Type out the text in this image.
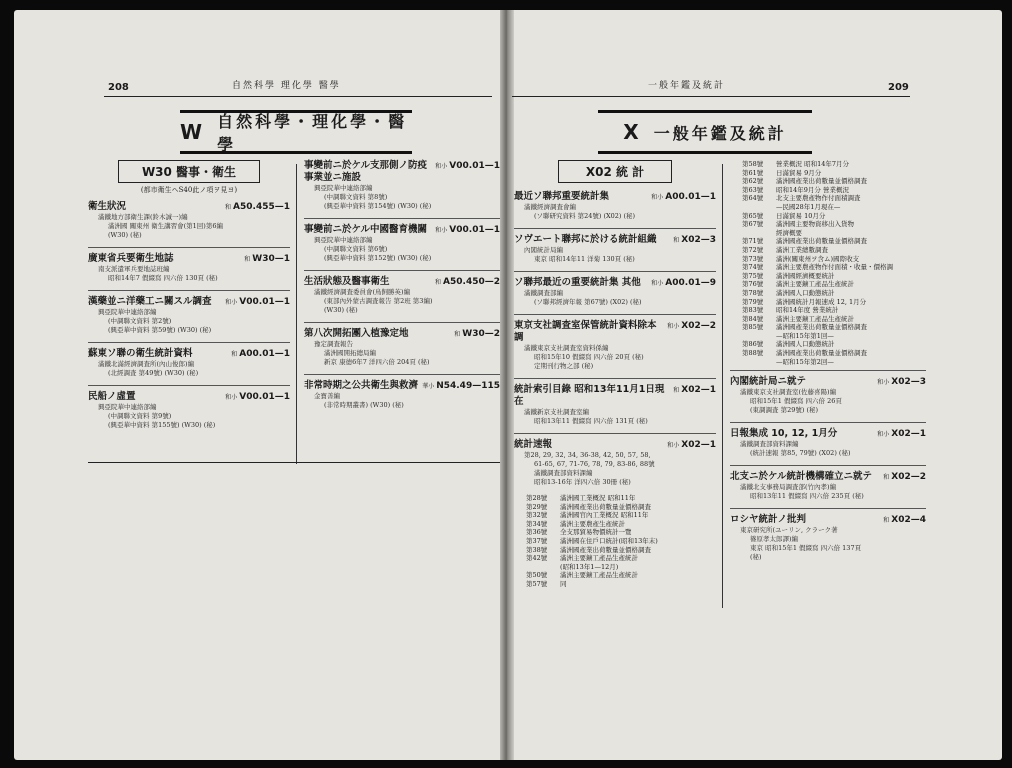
208	自然科學 理化學 醫學
W 自然科學・理化學・醫學
W30 醫事・衛生
(都市衛生ヘS40此ノ項ヲ見ヨ)
衛生狀況	和 A50.455—1
滿鐵地方部衛生課(鈴木誠一)編
滿洲國 關東州 衛生講習會(第1回)第6編
(W30) (秘)
廣東省兵要衛生地誌	和 W30—1
南支派遣軍兵要地誌班編
昭和14年7 假綴寫 四六倍 130頁 (秘)
漢藥並ニ洋藥工ニ關スル調査 和小 V00.01—1
興亞院華中連絡部編
(中調聯文資料 第2號)
(興亞華中資料 第59號) (W30) (秘)
蘇東ソ聯の衛生統計資料	和 A00.01—1
滿鐵北滿經濟調査所(內山俊郎)編
(北經調査 第49號) (W30) (秘)
民船ノ虛置	和小 V00.01—1
興亞院華中連絡部編
(中調聯文資料 第9號)
(興亞華中資料 第155號) (W30) (秘)
事變前ニ於ケル支那側ノ防疫事業並ニ施設
和小 V00.01—1
興亞院華中連絡部編
(中調聯文資料 第8號)
(興亞華中資料 第154號) (W30) (秘)
事變前ニ於ケル中國醫育機關 和小 V00.01—1
興亞院華中連絡部編
(中調聯文資料 第6號)
(興亞華中資料 第152號) (W30) (秘)
生活狀態及醫事衛生	和 A50.450—2
滿鐵經濟調査委員會(鳥飼勝英)編
(東部內外蒙古調査報告 第2班 第3編)
(W30) (秘)
第八次開拓團入植豫定地	和 W30—2
豫定調査報告
滿洲國開拓總局編
新京 康德6年7 洋四六倍 204頁 (秘)
非常時期之公共衛生與救濟 華小 N54.49—115
金寶善編
(非常時期叢書) (W30) (秘)
一般年鑑及統計	209
X 一般年鑑及統計
X02 統 計
最近ソ聯邦重要統計集	和小 A00.01—1
滿鐵經濟調査會編
(ソ聯研究資料 第24號) (X02) (秘)
ソヴエート聯邦に於ける統計組織	和 X02—3
內閣統計局編
東京 昭和14年11 洋菊 130頁 (秘)
ソ聯邦最近の重要統計集 其他 和小 A00.01—9
滿鐵調査部編
(ソ聯邦經濟年報 第67號) (X02) (秘)
東京支社調査室保管統計資料除本調
和小 X02—2
滿鐵東京支社調査室資料係編
昭和15年10 假綴寫 四六倍 20頁 (秘)
定期刊行物之部 (秘)
統計索引目錄 昭和13年11月1日現在
和 X02—1
滿鐵新京支社調査室編
昭和13年11 假綴寫 四六倍 131頁 (秘)
統計速報	和小 X02—1
第28, 29, 32, 34, 36-38, 42, 50, 57, 58,
61-65, 67, 71-76, 78, 79, 83-86, 88號
滿鐵調査部資料課編
昭和13-16年 洋四六倍 30冊 (秘)
第28號	滿洲國工業概況 昭和11年
第29號	滿洲國產業出荷數量並價格調査
第32號	滿洲國官內工業概況 昭和11年
第34號	滿洲主要農產生產統計
第36號	全支那貿易物價統計一覽
第37號	滿洲國在住戶口統計(昭和13年末)
第38號	滿洲國產業出荷數量並價格調査
第42號	滿洲主要鑛工產品生產統計
(昭和13年1—12月)
第50號	滿洲主要鑛工產品生產統計
第57號	同
第58號	營業概況 昭和14年7月分
第61號	日滿貿易 9月分
第62號	滿洲國產業出荷數量並價格調査
第63號	昭和14年9月分 營業概況
第64號	北支主要農產物作付面積調査
—民國28年1月現在—
第65號	日滿貿易 10月分
第67號	滿洲國主要物資移出入貨物
經濟概要
第71號	滿洲國產業出荷數量並價格調査
第72號	滿洲工業總數調査
第73號	滿洲(關東州ヲ含ム)國際收支
第74號	滿洲主要農產物作付面積・收量・價格調
第75號	滿洲國經濟概要統計
第76號	滿洲主要鑛工產品生產統計
第78號	滿洲國人口動態統計
第79號	滿洲國統計月報速成 12, 1月分
第83號	昭和14年度 營業統計
第84號	滿洲主要鑛工產品生產統計
第85號	滿洲國產業出荷數量並價格調査
—昭和15年第1回—
第86號	滿洲國人口動態統計
第88號	滿洲國產業出荷數量並價格調査
—昭和15年第2回—
內閣統計局ニ就テ	和小 X02—3
滿鐵東京支社調査室(佐藤喜陽)編
昭和15年1 假綴寫 四六倍 26頁
(東調調査 第29號) (秘)
日報集成 10, 12, 1月分	和小 X02—1
滿鐵調査部資料課編
(統計速報 第85, 79號) (X02) (秘)
北支ニ於ケル統計機構確立ニ就テ 和 X02—2
滿鐵北支事務局調査部(竹內孝)編
昭和13年11 假綴寫 四六倍 235頁 (秘)
ロシヤ統計ノ批判	和 X02—4
東京研究所(ユーリン, クラーク著
篠原孝太郎譯)編
東京 昭和15年1 假綴寫 四六倍 137頁
(秘)
